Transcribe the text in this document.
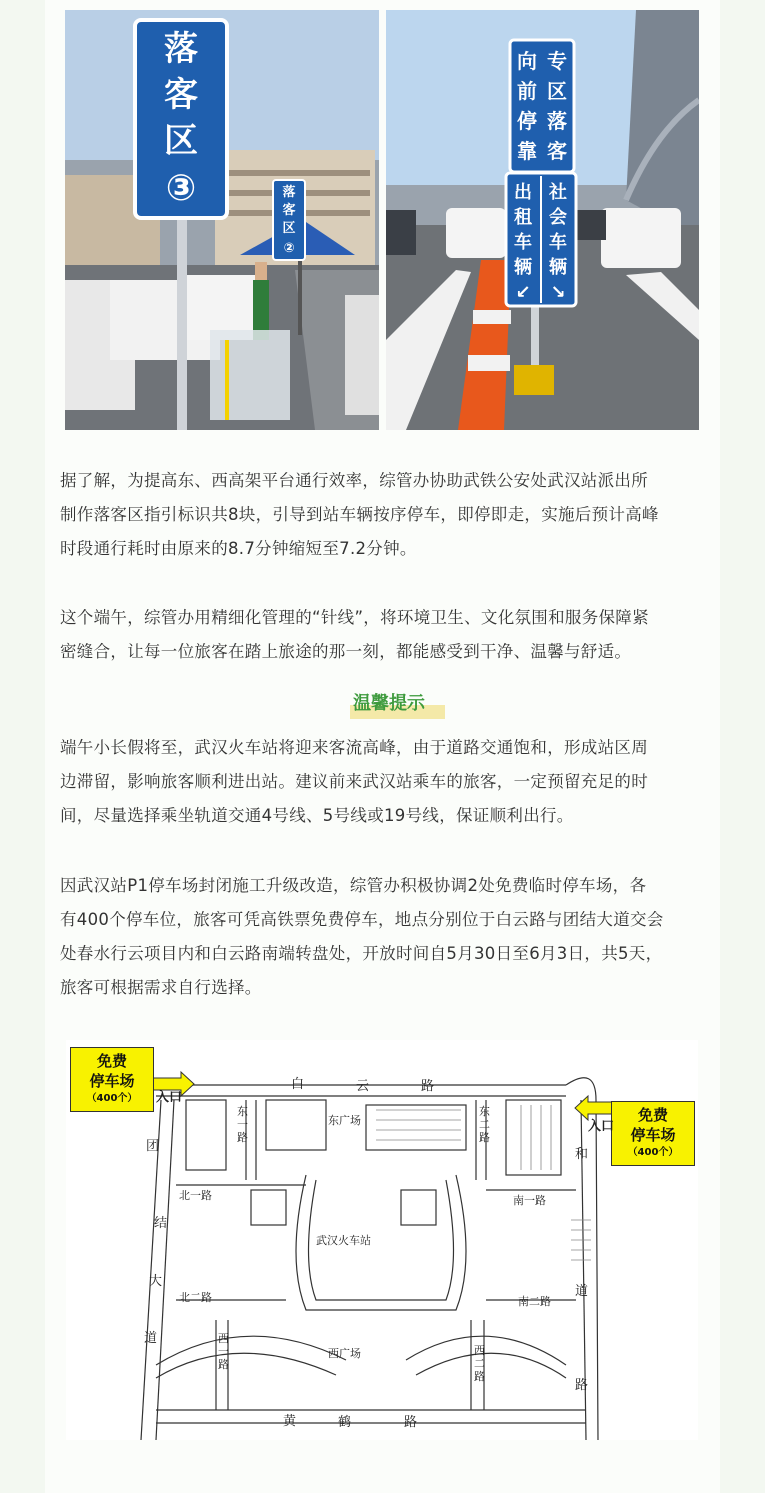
落
客
区
③	落
客
区
②
向 专
前 区
停 落
靠 客
出
租
车
辆
社
会
车
辆
↙ ↘
据了解，为提高东、西高架平台通行效率，综管办协助武铁公安处武汉站派出所
制作落客区指引标识共8块，引导到站车辆按序停车，即停即走，实施后预计高峰
时段通行耗时由原来的8.7分钟缩短至7.2分钟。
这个端午，综管办用精细化管理的“针线”，将环境卫生、文化氛围和服务保障紧
密缝合，让每一位旅客在踏上旅途的那一刻，都能感受到干净、温馨与舒适。
温馨提示
端午小长假将至，武汉火车站将迎来客流高峰，由于道路交通饱和，形成站区周
边滞留，影响旅客顺利进出站。建议前来武汉站乘车的旅客，一定预留充足的时
间，尽量选择乘坐轨道交通4号线、5号线或19号线，保证顺利出行。
因武汉站P1停车场封闭施工升级改造，综管办积极协调2处免费临时停车场，各
有400个停车位，旅客可凭高铁票免费停车，地点分别位于白云路与团结大道交会
处春水行云项目内和白云路南端转盘处，开放时间自5月30日至6月3日，共5天，
旅客可根据需求自行选择。
免费
停车场
（400个）
免费
停车场
（400个）
入口
入口
白	云	路
团
结
大
道
和
道
路
黄	鹤	路
东广场
西广场
武汉火车站
北一路
北二路
南一路
南二路
东
一
路
东
二
路
西
一
路
西
二
路
